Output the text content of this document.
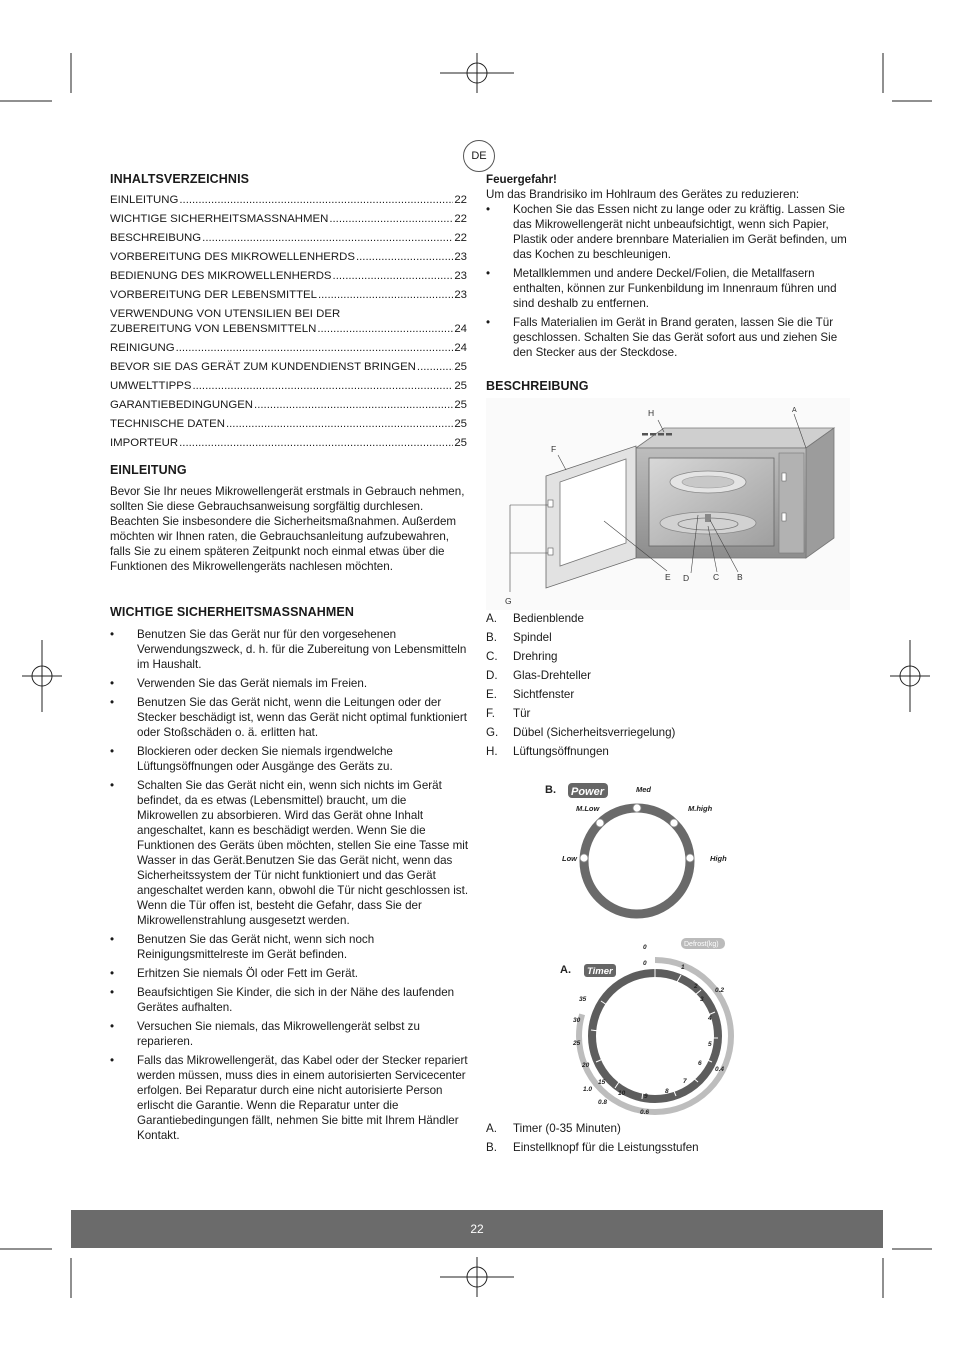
DE
INHALTSVERZEICHNIS
EINLEITUNG .....	22
WICHTIGE SICHERHEITSMASSNAHMEN .....	22
BESCHREIBUNG .....	22
VORBEREITUNG DES MIKROWELLENHERDS .....	23
BEDIENUNG DES MIKROWELLENHERDS .....	23
VORBEREITUNG DER LEBENSMITTEL .....	23
VERWENDUNG VON UTENSILIEN BEI DER
ZUBEREITUNG VON LEBENSMITTELN .....	24
REINIGUNG .....	24
BEVOR SIE DAS GERÄT ZUM KUNDENDIENST BRINGEN .....	25
UMWELTTIPPS .....	25
GARANTIEBEDINGUNGEN .....	25
TECHNISCHE DATEN .....	25
IMPORTEUR .....	25
EINLEITUNG
Bevor Sie Ihr neues Mikrowellengerät erstmals in Gebrauch nehmen, sollten Sie diese Gebrauchsanweisung sorgfältig durchlesen. Beachten Sie insbesondere die Sicherheitsmaßnahmen. Außerdem möchten wir Ihnen raten, die Gebrauchsanleitung aufzubewahren, falls Sie zu einem späteren Zeitpunkt noch einmal etwas über die Funktionen des Mikrowellengeräts nachlesen möchten.
WICHTIGE SICHERHEITSMASSNAHMEN
• Benutzen Sie das Gerät nur für den vorgesehenen Verwendungszweck, d. h. für die Zubereitung von Lebensmitteln im Haushalt.
• Verwenden Sie das Gerät niemals im Freien.
• Benutzen Sie das Gerät nicht, wenn die Leitungen oder der Stecker beschädigt ist, wenn das Gerät nicht optimal funktioniert oder Stoßschäden o. ä. erlitten hat.
• Blockieren oder decken Sie niemals irgendwelche Lüftungsöffnungen oder Ausgänge des Geräts zu.
• Schalten Sie das Gerät nicht ein, wenn sich nichts im Gerät befindet, da es etwas (Lebensmittel) braucht, um die Mikrowellen zu absorbieren. Wird das Gerät ohne Inhalt angeschaltet, kann es beschädigt werden. Wenn Sie die Funktionen des Geräts üben möchten, stellen Sie eine Tasse mit Wasser in das Gerät.Benutzen Sie das Gerät nicht, wenn das Sicherheitssystem der Tür nicht funktioniert und das Gerät angeschaltet werden kann, obwohl die Tür nicht geschlossen ist. Wenn die Tür offen ist, besteht die Gefahr, dass Sie der Mikrowellenstrahlung ausgesetzt werden.
• Benutzen Sie das Gerät nicht, wenn sich noch Reinigungsmittelreste im Gerät befinden.
• Erhitzen Sie niemals Öl oder Fett im Gerät.
• Beaufsichtigen Sie Kinder, die sich in der Nähe des laufenden Gerätes aufhalten.
• Versuchen Sie niemals, das Mikrowellengerät selbst zu reparieren.
• Falls das Mikrowellengerät, das Kabel oder der Stecker repariert werden müssen, muss dies in einem autorisierten Servicecenter erfolgen. Bei Reparatur durch eine nicht autorisierte Person erlischt die Garantie. Wenn die Reparatur unter die Garantiebedingungen fällt, nehmen Sie bitte mit Ihrem Händler Kontakt.
Feuergefahr!
Um das Brandrisiko im Hohlraum des Gerätes zu reduzieren:
• Kochen Sie das Essen nicht zu lange oder zu kräftig. Lassen Sie das Mikrowellengerät nicht unbeaufsichtigt, wenn sich Papier, Plastik oder andere brennbare Materialien im Gerät befinden, um das Kochen zu beschleunigen.
• Metallklemmen und andere Deckel/Folien, die Metallfasern enthalten, können zur Funkenbildung im Innenraum führen und sind deshalb zu entfernen.
• Falls Materialien im Gerät in Brand geraten, lassen Sie die Tür geschlossen. Schalten Sie das Gerät sofort aus und ziehen Sie den Stecker aus der Steckdose.
BESCHREIBUNG
H	A
F
E D	C B
G
A.	Bedienblende
B.	Spindel
C.	Drehring
D.	Glas-Drehteller
E.	Sichtfenster
F.	Tür
G.	Dübel (Sicherheitsverriegelung)
H.	Lüftungsöffnungen
B. Power	Med
M.Low	M.high
Low	High
A. Timer
Defrost(kg)
0
0
1
2
3
4
5
6
7
8
9
10
15
20
25
30
35
0.2
0.4
0.6
0.8
1.0
A.	Timer (0-35 Minuten)
B.	Einstellknopf für die Leistungsstufen
22
